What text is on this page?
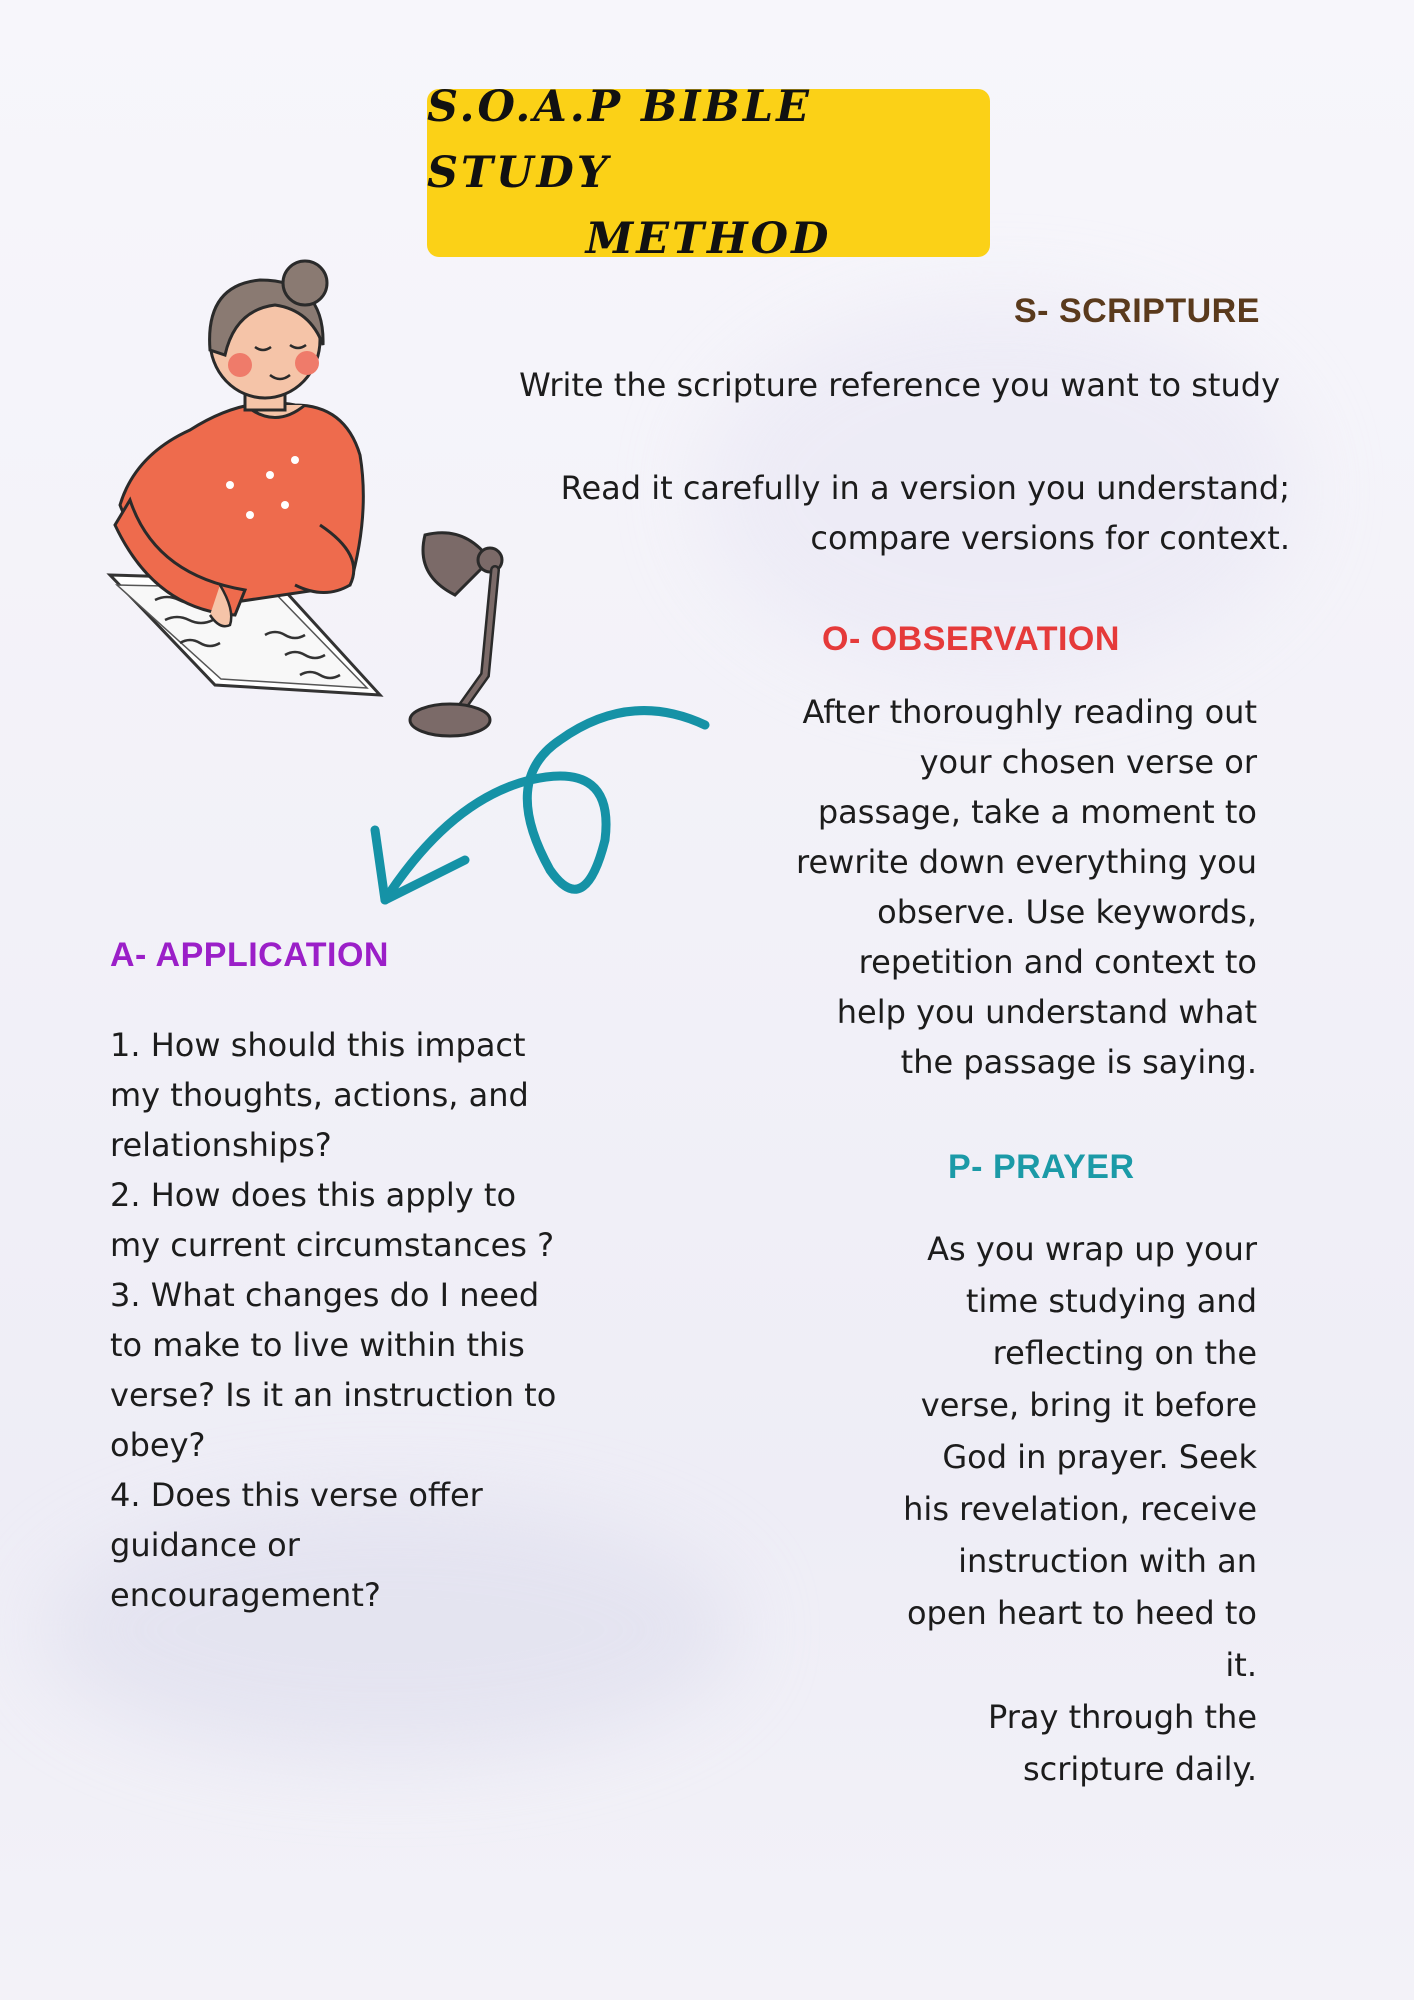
S.O.A.P BIBLE STUDY
METHOD
S- SCRIPTURE
Write the scripture reference you want to study
Read it carefully in a version you understand;
compare versions for context.
O- OBSERVATION
After thoroughly reading out
your chosen verse or
passage, take a moment to
rewrite down everything you
observe. Use keywords,
repetition and context to
help you understand what
the passage is saying.
A- APPLICATION
1. How should this impact
my thoughts, actions, and
relationships?
2. How does this apply to
my current circumstances ?
3. What changes do I need
to make to live within this
verse? Is it an instruction to
obey?
4. Does this verse offer
guidance or
encouragement?
P- PRAYER
As you wrap up your
time studying and
reflecting on the
verse, bring it before
God in prayer. Seek
his revelation, receive
instruction with an
open heart to heed to
it.
Pray through the
scripture daily.
